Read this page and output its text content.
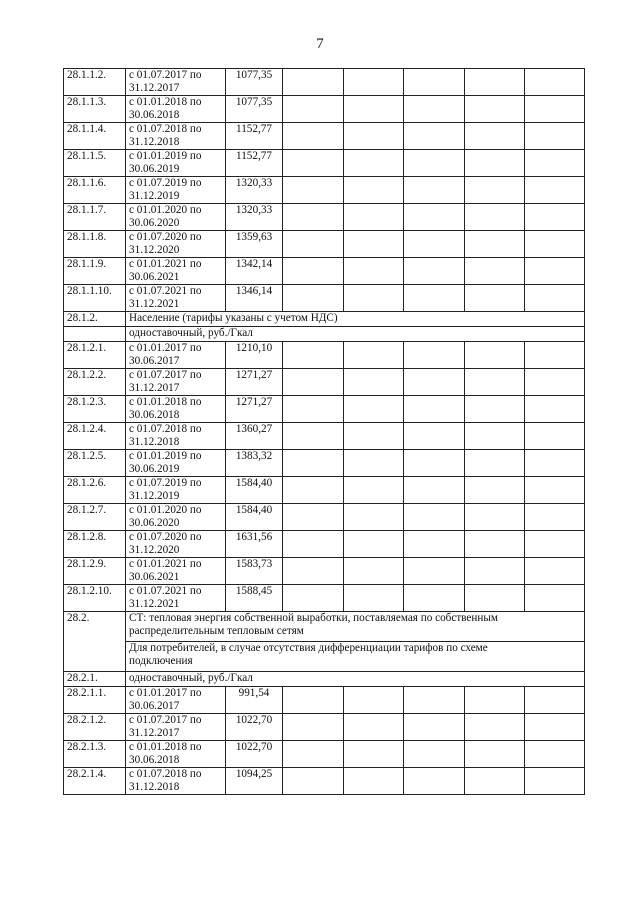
7
28.1.1.2.	с 01.07.2017 по
31.12.2017	1077,35					
28.1.1.3.	с 01.01.2018 по
30.06.2018	1077,35					
28.1.1.4.	с 01.07.2018 по
31.12.2018	1152,77					
28.1.1.5.	с 01.01.2019 по
30.06.2019	1152,77					
28.1.1.6.	с 01.07.2019 по
31.12.2019	1320,33					
28.1.1.7.	с 01.01.2020 по
30.06.2020	1320,33					
28.1.1.8.	с 01.07.2020 по
31.12.2020	1359,63					
28.1.1.9.	с 01.01.2021 по
30.06.2021	1342,14					
28.1.1.10.	с 01.07.2021 по
31.12.2021	1346,14					
28.1.2.	Население (тарифы указаны с учетом НДС)						
	одноставочный, руб./Гкал						
28.1.2.1.	с 01.01.2017 по
30.06.2017	1210,10					
28.1.2.2.	с 01.07.2017 по
31.12.2017	1271,27					
28.1.2.3.	с 01.01.2018 по
30.06.2018	1271,27					
28.1.2.4.	с 01.07.2018 по
31.12.2018	1360,27					
28.1.2.5.	с 01.01.2019 по
30.06.2019	1383,32					
28.1.2.6.	с 01.07.2019 по
31.12.2019	1584,40					
28.1.2.7.	с 01.01.2020 по
30.06.2020	1584,40					
28.1.2.8.	с 01.07.2020 по
31.12.2020	1631,56					
28.1.2.9.	с 01.01.2021 по
30.06.2021	1583,73					
28.1.2.10.	с 01.07.2021 по
31.12.2021	1588,45					
28.2.	СТ: тепловая энергия собственной выработки, поставляемая по собственным
распределительным тепловым сетям						
	Для потребителей, в случае отсутствия дифференциации тарифов по схеме
подключения						
28.2.1.	одноставочный, руб./Гкал						
28.2.1.1.	с 01.01.2017 по
30.06.2017	991,54					
28.2.1.2.	с 01.07.2017 по
31.12.2017	1022,70					
28.2.1.3.	с 01.01.2018 по
30.06.2018	1022,70					
28.2.1.4.	с 01.07.2018 по
31.12.2018	1094,25					
